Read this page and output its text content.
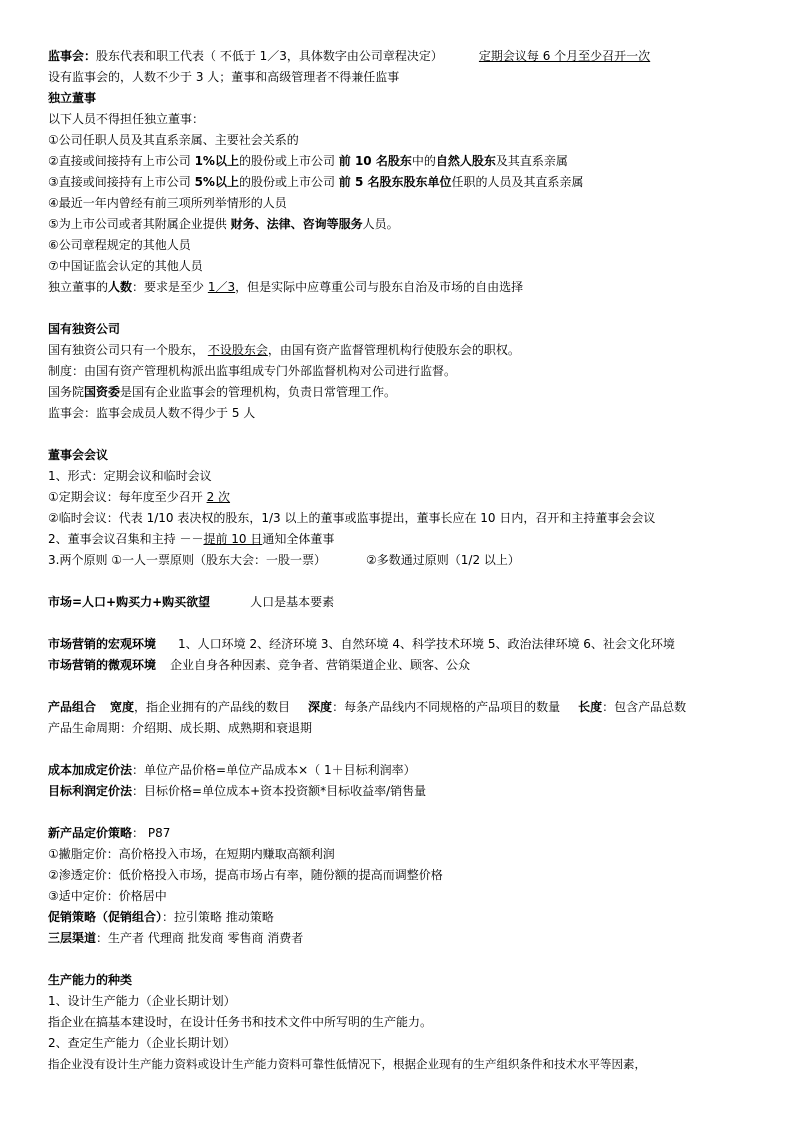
监事会：股东代表和职工代表（ 不低于 1／3，具体数字由公司章程决定）	定期会议每 6 个月至少召开一次
设有监事会的，人数不少于 3 人；董事和高级管理者不得兼任监事
独立董事
以下人员不得担任独立董事：
①公司任职人员及其直系亲属、主要社会关系的
②直接或间接持有上市公司 1%以上的股份或上市公司 前 10 名股东中的自然人股东及其直系亲属
③直接或间接持有上市公司 5%以上的股份或上市公司 前 5 名股东股东单位任职的人员及其直系亲属
④最近一年内曾经有前三项所列举情形的人员
⑤为上市公司或者其附属企业提供 财务、法律、咨询等服务人员。
⑥公司章程规定的其他人员
⑦中国证监会认定的其他人员
独立董事的人数：要求是至少 1／3，但是实际中应尊重公司与股东自治及市场的自由选择
国有独资公司
国有独资公司只有一个股东， 不设股东会，由国有资产监督管理机构行使股东会的职权。
制度：由国有资产管理机构派出监事组成专门外部监督机构对公司进行监督。
国务院国资委是国有企业监事会的管理机构，负责日常管理工作。
监事会：监事会成员人数不得少于 5 人
董事会会议
1、形式：定期会议和临时会议
①定期会议：每年度至少召开 2 次
②临时会议：代表 1/10 表决权的股东，1/3 以上的董事或监事提出，董事长应在 10 日内，召开和主持董事会会议
2、董事会议召集和主持 －－提前 10 日通知全体董事
3.两个原则 ①一人一票原则（股东大会：一股一票）	②多数通过原则（1/2 以上）
市场=人口+购买力+购买欲望	人口是基本要素
市场营销的宏观环境 1、人口环境 2、经济环境 3、自然环境 4、科学技术环境 5、政治法律环境 6、社会文化环境
市场营销的微观环境 企业自身各种因素、竞争者、营销渠道企业、顾客、公众
产品组合 宽度，指企业拥有的产品线的数目 深度：每条产品线内不同规格的产品项目的数量 长度：包含产品总数
产品生命周期：介绍期、成长期、成熟期和衰退期
成本加成定价法：单位产品价格=单位产品成本×（ 1＋目标利润率）
目标利润定价法：目标价格=单位成本+资本投资额*目标收益率/销售量
新产品定价策略： P87
①撇脂定价：高价格投入市场，在短期内赚取高额利润
②渗透定价：低价格投入市场，提高市场占有率，随份额的提高而调整价格
③适中定价：价格居中
促销策略（促销组合）：拉引策略 推动策略
三层渠道：生产者 代理商 批发商 零售商 消费者
生产能力的种类
1、设计生产能力（企业长期计划）
指企业在搞基本建设时，在设计任务书和技术文件中所写明的生产能力。
2、查定生产能力（企业长期计划）
指企业没有设计生产能力资料或设计生产能力资料可靠性低情况下，根据企业现有的生产组织条件和技术水平等因素，
